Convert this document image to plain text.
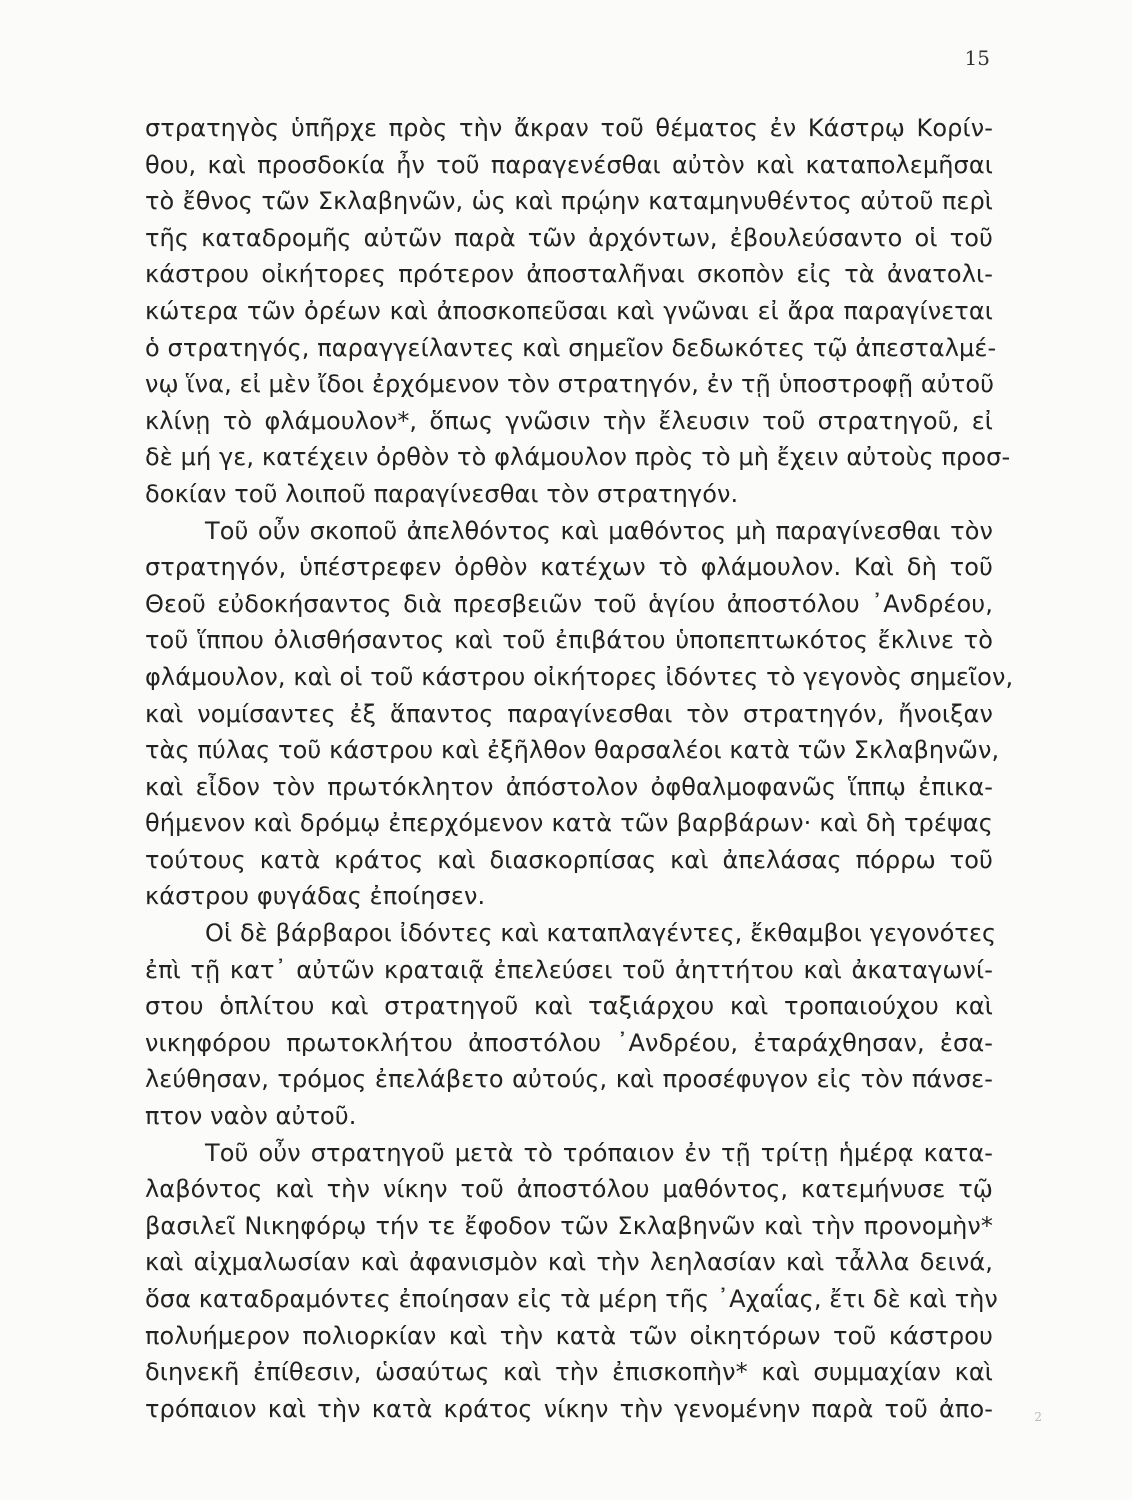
15
στρατηγὸς ὑπῆρχε πρὸς τὴν ἄκραν τοῦ θέματος ἐν Κάστρῳ Κορίν-
θου, καὶ προσδοκία ἦν τοῦ παραγενέσθαι αὐτὸν καὶ καταπολεμῆσαι
τὸ ἔθνος τῶν Σκλαβηνῶν, ὡς καὶ πρῴην καταμηνυθέντος αὐτοῦ περὶ
τῆς καταδρομῆς αὐτῶν παρὰ τῶν ἀρχόντων, ἐβουλεύσαντο οἱ τοῦ
κάστρου οἰκήτορες πρότερον ἀποσταλῆναι σκοπὸν εἰς τὰ ἀνατολι-
κώτερα τῶν ὀρέων καὶ ἀποσκοπεῦσαι καὶ γνῶναι εἰ ἄρα παραγίνεται
ὁ στρατηγός, παραγγείλαντες καὶ σημεῖον δεδωκότες τῷ ἀπεσταλμέ-
νῳ ἵνα, εἰ μὲν ἴδοι ἐρχόμενον τὸν στρατηγόν, ἐν τῇ ὑποστροφῇ αὐτοῦ
κλίνῃ τὸ φλάμουλον*, ὅπως γνῶσιν τὴν ἔλευσιν τοῦ στρατηγοῦ, εἰ
δὲ μή γε, κατέχειν ὀρθὸν τὸ φλάμουλον πρὸς τὸ μὴ ἔχειν αὐτοὺς προσ-
δοκίαν τοῦ λοιποῦ παραγίνεσθαι τὸν στρατηγόν.
Τοῦ οὖν σκοποῦ ἀπελθόντος καὶ μαθόντος μὴ παραγίνεσθαι τὸν
στρατηγόν, ὑπέστρεφεν ὀρθὸν κατέχων τὸ φλάμουλον. Καὶ δὴ τοῦ
Θεοῦ εὐδοκήσαντος διὰ πρεσβειῶν τοῦ ἁγίου ἀποστόλου ᾿Ανδρέου,
τοῦ ἵππου ὀλισθήσαντος καὶ τοῦ ἐπιβάτου ὑποπεπτωκότος ἔκλινε τὸ
φλάμουλον, καὶ οἱ τοῦ κάστρου οἰκήτορες ἰδόντες τὸ γεγονὸς σημεῖον,
καὶ νομίσαντες ἐξ ἅπαντος παραγίνεσθαι τὸν στρατηγόν, ἤνοιξαν
τὰς πύλας τοῦ κάστρου καὶ ἐξῆλθον θαρσαλέοι κατὰ τῶν Σκλαβηνῶν,
καὶ εἶδον τὸν πρωτόκλητον ἀπόστολον ὀφθαλμοφανῶς ἵππῳ ἐπικα-
θήμενον καὶ δρόμῳ ἐπερχόμενον κατὰ τῶν βαρβάρων· καὶ δὴ τρέψας
τούτους κατὰ κράτος καὶ διασκορπίσας καὶ ἀπελάσας πόρρω τοῦ
κάστρου φυγάδας ἐποίησεν.
Οἱ δὲ βάρβαροι ἰδόντες καὶ καταπλαγέντες, ἔκθαμβοι γεγονότες
ἐπὶ τῇ κατ᾿ αὐτῶν κραταιᾷ ἐπελεύσει τοῦ ἀηττήτου καὶ ἀκαταγωνί-
στου ὁπλίτου καὶ στρατηγοῦ καὶ ταξιάρχου καὶ τροπαιούχου καὶ
νικηφόρου πρωτοκλήτου ἀποστόλου ᾿Ανδρέου, ἐταράχθησαν, ἐσα-
λεύθησαν, τρόμος ἐπελάβετο αὐτούς, καὶ προσέφυγον εἰς τὸν πάνσε-
πτον ναὸν αὐτοῦ.
Τοῦ οὖν στρατηγοῦ μετὰ τὸ τρόπαιον ἐν τῇ τρίτῃ ἡμέρᾳ κατα-
λαβόντος καὶ τὴν νίκην τοῦ ἀποστόλου μαθόντος, κατεμήνυσε τῷ
βασιλεῖ Νικηφόρῳ τήν τε ἔφοδον τῶν Σκλαβηνῶν καὶ τὴν προνομὴν*
καὶ αἰχμαλωσίαν καὶ ἀφανισμὸν καὶ τὴν λεηλασίαν καὶ τἆλλα δεινά,
ὅσα καταδραμόντες ἐποίησαν εἰς τὰ μέρη τῆς ᾿Αχαΐας, ἔτι δὲ καὶ τὴν
πολυήμερον πολιορκίαν καὶ τὴν κατὰ τῶν οἰκητόρων τοῦ κάστρου
διηνεκῆ ἐπίθεσιν, ὡσαύτως καὶ τὴν ἐπισκοπὴν* καὶ συμμαχίαν καὶ
τρόπαιον καὶ τὴν κατὰ κράτος νίκην τὴν γενομένην παρὰ τοῦ ἀπο-	2
